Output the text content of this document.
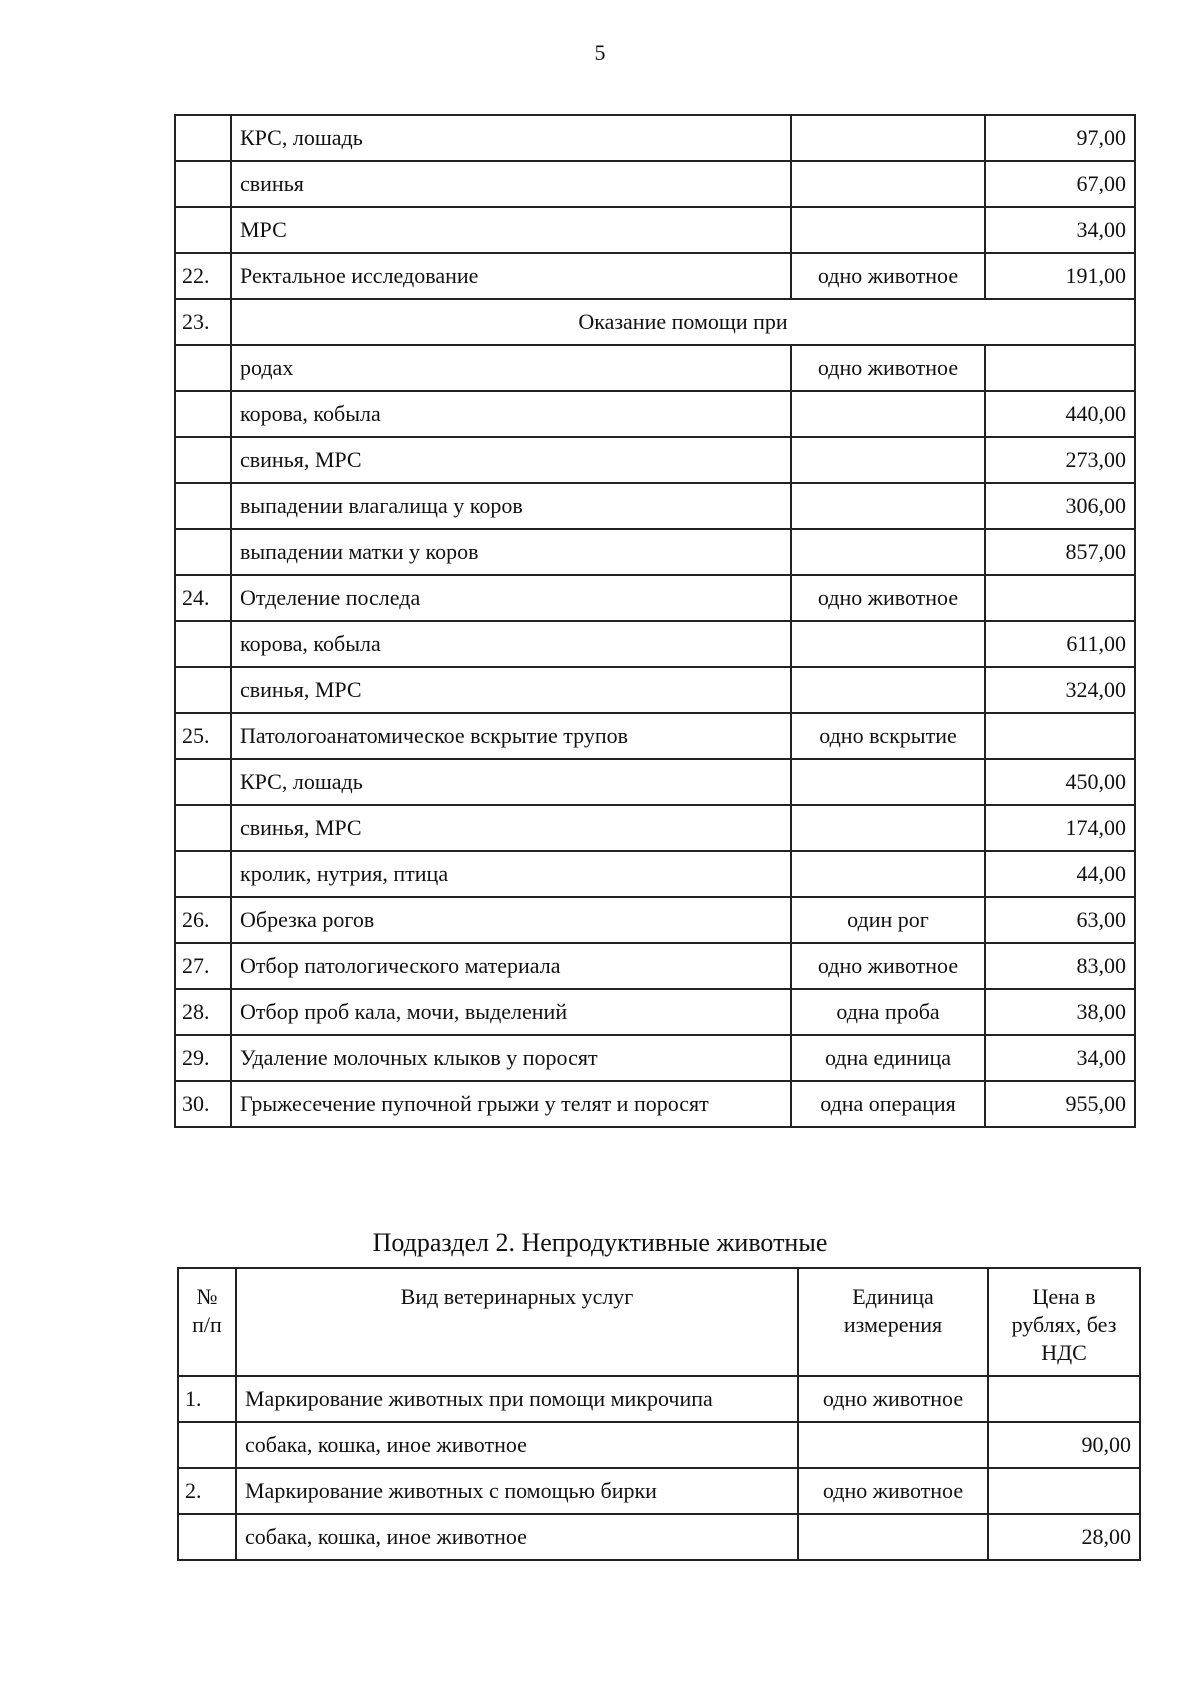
5
	КРС, лошадь		97,00
	свинья		67,00
	МРС		34,00
22.	Ректальное исследование	одно животное	191,00
23.	Оказание помощи при		
	родах	одно животное	
	корова, кобыла		440,00
	свинья, МРС		273,00
	выпадении влагалища у коров		306,00
	выпадении матки у коров		857,00
24.	Отделение последа	одно животное	
	корова, кобыла		611,00
	свинья, МРС		324,00
25.	Патологоанатомическое вскрытие трупов	одно вскрытие	
	КРС, лошадь		450,00
	свинья, МРС		174,00
	кролик, нутрия, птица		44,00
26.	Обрезка рогов	один рог	63,00
27.	Отбор патологического материала	одно животное	83,00
28.	Отбор проб кала, мочи, выделений	одна проба	38,00
29.	Удаление молочных клыков у поросят	одна единица	34,00
30.	Грыжесечение пупочной грыжи у телят и поросят	одна операция	955,00
Подраздел 2. Непродуктивные животные
№ п/п	Вид ветеринарных услуг	Единица измерения	Цена в рублях, без НДС
1.	Маркирование животных при помощи микрочипа	одно животное	
	собака, кошка, иное животное		90,00
2.	Маркирование животных с помощью бирки	одно животное	
	собака, кошка, иное животное		28,00
